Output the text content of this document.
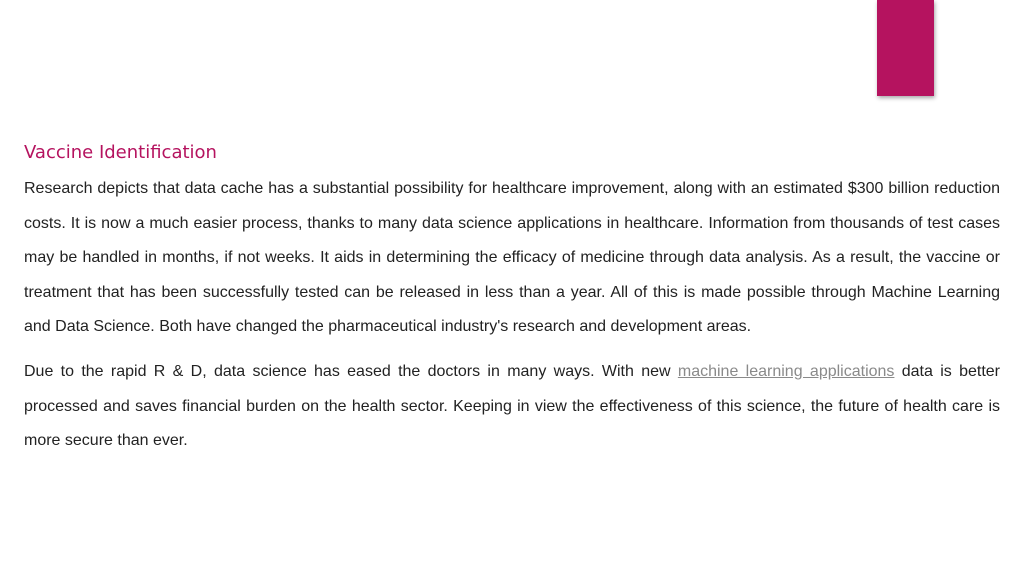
Vaccine Identification

Research depicts that data cache has a substantial possibility for healthcare improvement, along with an estimated $300 billion reduction costs. It is now a much easier process, thanks to many data science applications in healthcare. Information from thousands of test cases may be handled in months, if not weeks. It aids in determining the efficacy of medicine through data analysis. As a result, the vaccine or treatment that has been successfully tested can be released in less than a year. All of this is made possible through Machine Learning and Data Science. Both have changed the pharmaceutical industry's research and development areas.

Due to the rapid R & D, data science has eased the doctors in many ways. With new machine learning applications data is better processed and saves financial burden on the health sector. Keeping in view the effectiveness of this science, the future of health care is more secure than ever.
